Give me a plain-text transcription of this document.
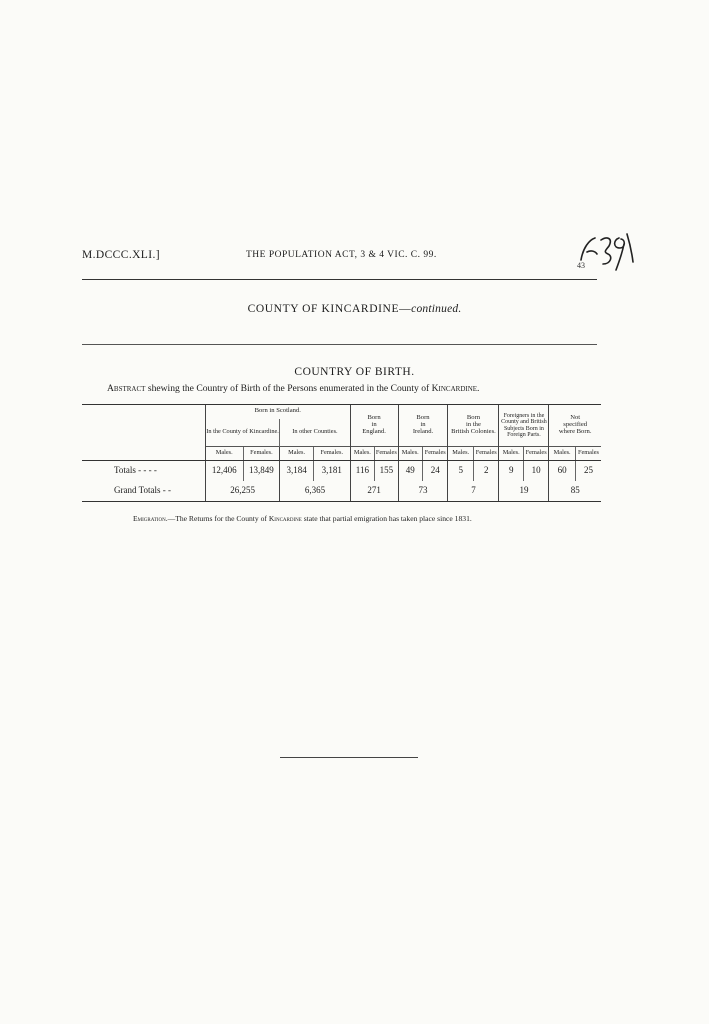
M.DCCC.XLI.]	THE POPULATION ACT, 3 & 4 VIC. C. 99.
43
COUNTY OF KINCARDINE—continued.
COUNTRY OF BIRTH.
Abstract shewing the Country of Birth of the Persons enumerated in the County of Kincardine.
	Born in Scotland.				Born
in
England.		Born
in
Ireland.		Born
in the
British Colonies.		Foreigners in the County and British Subjects Born in Foreign Parts.		Not
specified
where Born.	
	In the County of Kincardine.		In other Counties.											
	Males.	Females.	Males.	Females.	Males.	Females	Males.	Females	Males.	Females	Males.	Females	Males.	Females
Totals - - - -	12,406	13,849	3,184	3,181	116	155	49	24	5	2	9	10	60	25
Grand Totals - -	26,255		6,365		271		73		7		19		85	
Emigration.—The Returns for the County of Kincardine state that partial emigration has taken place since 1831.
